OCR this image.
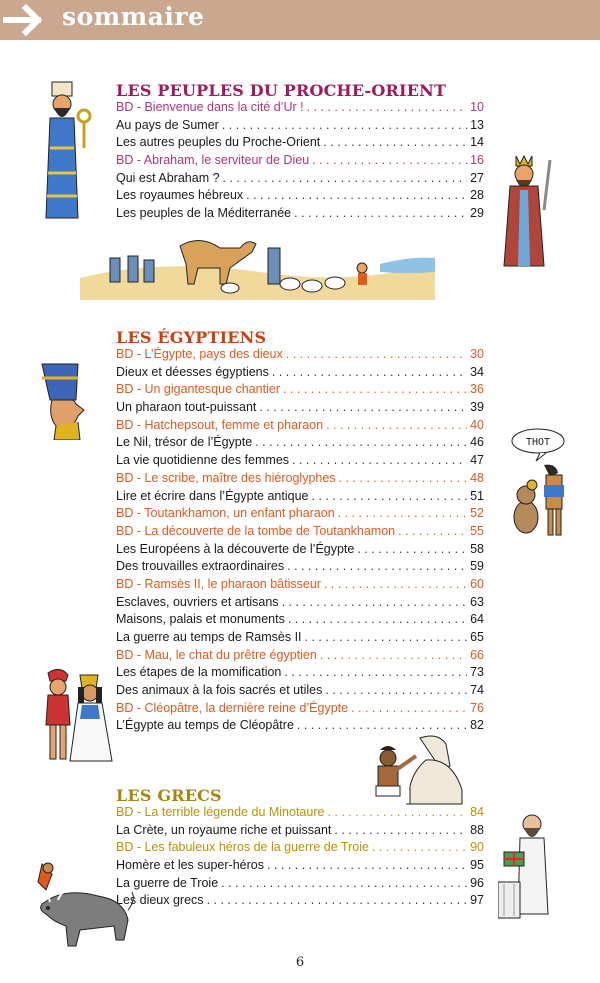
sommaire
LES PEUPLES DU PROCHE-ORIENT
LES ÉGYPTIENS
LES GRECS
BD - Bienvenue dans la cité d’Ur ! . . .	10
Au pays de Sumer . . .	13
Les autres peuples du Proche-Orient . . .	14
BD - Abraham, le serviteur de Dieu . . .	16
Qui est Abraham ? . . .	27
Les royaumes hébreux . . .	28
Les peuples de la Méditerranée . . .	29
BD - L’Égypte, pays des dieux . . .	30
Dieux et déesses égyptiens . . .	34
BD - Un gigantesque chantier . . .	36
Un pharaon tout-puissant . . .	39
BD - Hatchepsout, femme et pharaon . . .	40
Le Nil, trésor de l’Égypte . . .	46
La vie quotidienne des femmes . . .	47
BD - Le scribe, maître des hiéroglyphes . . .	48
Lire et écrire dans l’Égypte antique . . .	51
BD - Toutankhamon, un enfant pharaon . . .	52
BD - La découverte de la tombe de Toutankhamon . . .	55
Les Européens à la découverte de l’Égypte . . .	58
Des trouvailles extraordinaires . . .	59
BD - Ramsès II, le pharaon bâtisseur . . .	60
Esclaves, ouvriers et artisans . . .	63
Maisons, palais et monuments . . .	64
La guerre au temps de Ramsès II . . .	65
BD - Mau, le chat du prêtre égyptien . . .	66
Les étapes de la momification . . .	73
Des animaux à la fois sacrés et utiles . . .	74
BD - Cléopâtre, la dernière reine d’Égypte . . .	76
L’Égypte au temps de Cléopâtre . . .	82
BD - La terrible légende du Minotaure . . .	84
La Crète, un royaume riche et puissant . . .	88
BD - Les fabuleux héros de la guerre de Troie . . .	90
Homère et les super-héros . . .	95
La guerre de Troie . . .	96
Les dieux grecs . . .	97
THOT
6
